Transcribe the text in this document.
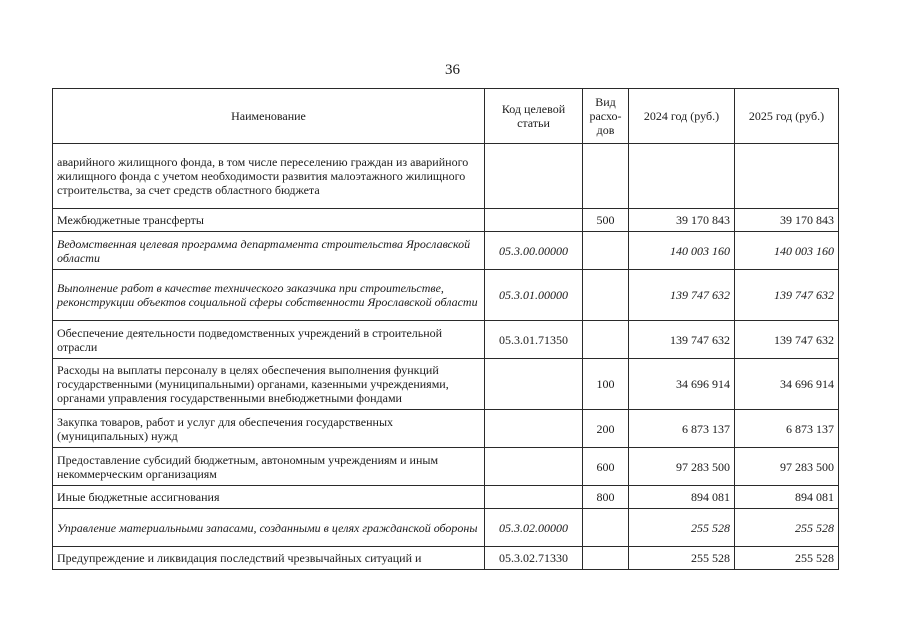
36
Наименование	Код целевой статьи	Вид расхо-дов	2024 год (руб.)	2025 год (руб.)
аварийного жилищного фонда, в том числе переселению граждан из аварийного жилищного фонда с учетом необходимости развития малоэтажного жилищного строительства, за счет средств областного бюджета				
Межбюджетные трансферты		500	39 170 843	39 170 843
Ведомственная целевая программа департамента строительства Ярославской области	05.3.00.00000		140 003 160	140 003 160
Выполнение работ в качестве технического заказчика при строительстве, реконструкции объектов социальной сферы собственности Ярославской области	05.3.01.00000		139 747 632	139 747 632
Обеспечение деятельности подведомственных учреждений в строительной отрасли	05.3.01.71350		139 747 632	139 747 632
Расходы на выплаты персоналу в целях обеспечения выполнения функций государственными (муниципальными) органами, казенными учреждениями, органами управления государственными внебюджетными фондами		100	34 696 914	34 696 914
Закупка товаров, работ и услуг для обеспечения государственных (муниципальных) нужд		200	6 873 137	6 873 137
Предоставление субсидий бюджетным, автономным учреждениям и иным некоммерческим организациям		600	97 283 500	97 283 500
Иные бюджетные ассигнования		800	894 081	894 081
Управление материальными запасами, созданными в целях гражданской обороны	05.3.02.00000		255 528	255 528
Предупреждение и ликвидация последствий чрезвычайных ситуаций и	05.3.02.71330		255 528	255 528
